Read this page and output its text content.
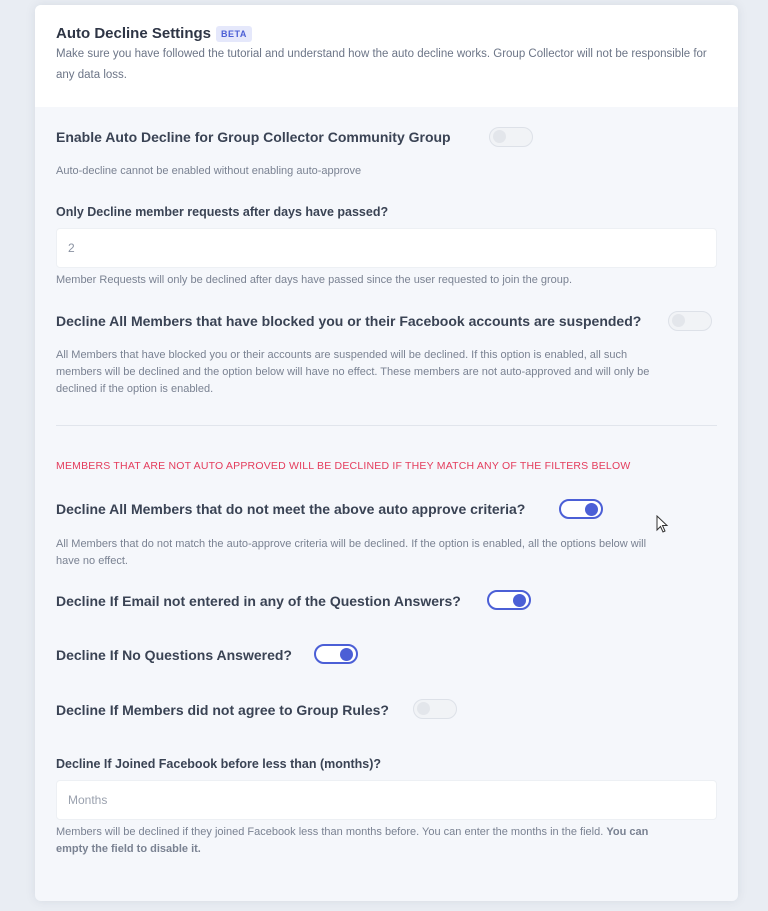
Auto Decline Settings	BETA
Make sure you have followed the tutorial and understand how the auto decline works. Group Collector will not be responsible for any data loss.
Enable Auto Decline for Group Collector Community Group
Auto-decline cannot be enabled without enabling auto-approve
Only Decline member requests after days have passed?
2
Member Requests will only be declined after days have passed since the user requested to join the group.
Decline All Members that have blocked you or their Facebook accounts are suspended?
All Members that have blocked you or their accounts are suspended will be declined. If this option is enabled, all such
members will be declined and the option below will have no effect. These members are not auto-approved and will only be
declined if the option is enabled.
MEMBERS THAT ARE NOT AUTO APPROVED WILL BE DECLINED IF THEY MATCH ANY OF THE FILTERS BELOW
Decline All Members that do not meet the above auto approve criteria?
All Members that do not match the auto-approve criteria will be declined. If the option is enabled, all the options below will
have no effect.
Decline If Email not entered in any of the Question Answers?
Decline If No Questions Answered?
Decline If Members did not agree to Group Rules?
Decline If Joined Facebook before less than (months)?
Months
Members will be declined if they joined Facebook less than months before. You can enter the months in the field. You can
empty the field to disable it.
